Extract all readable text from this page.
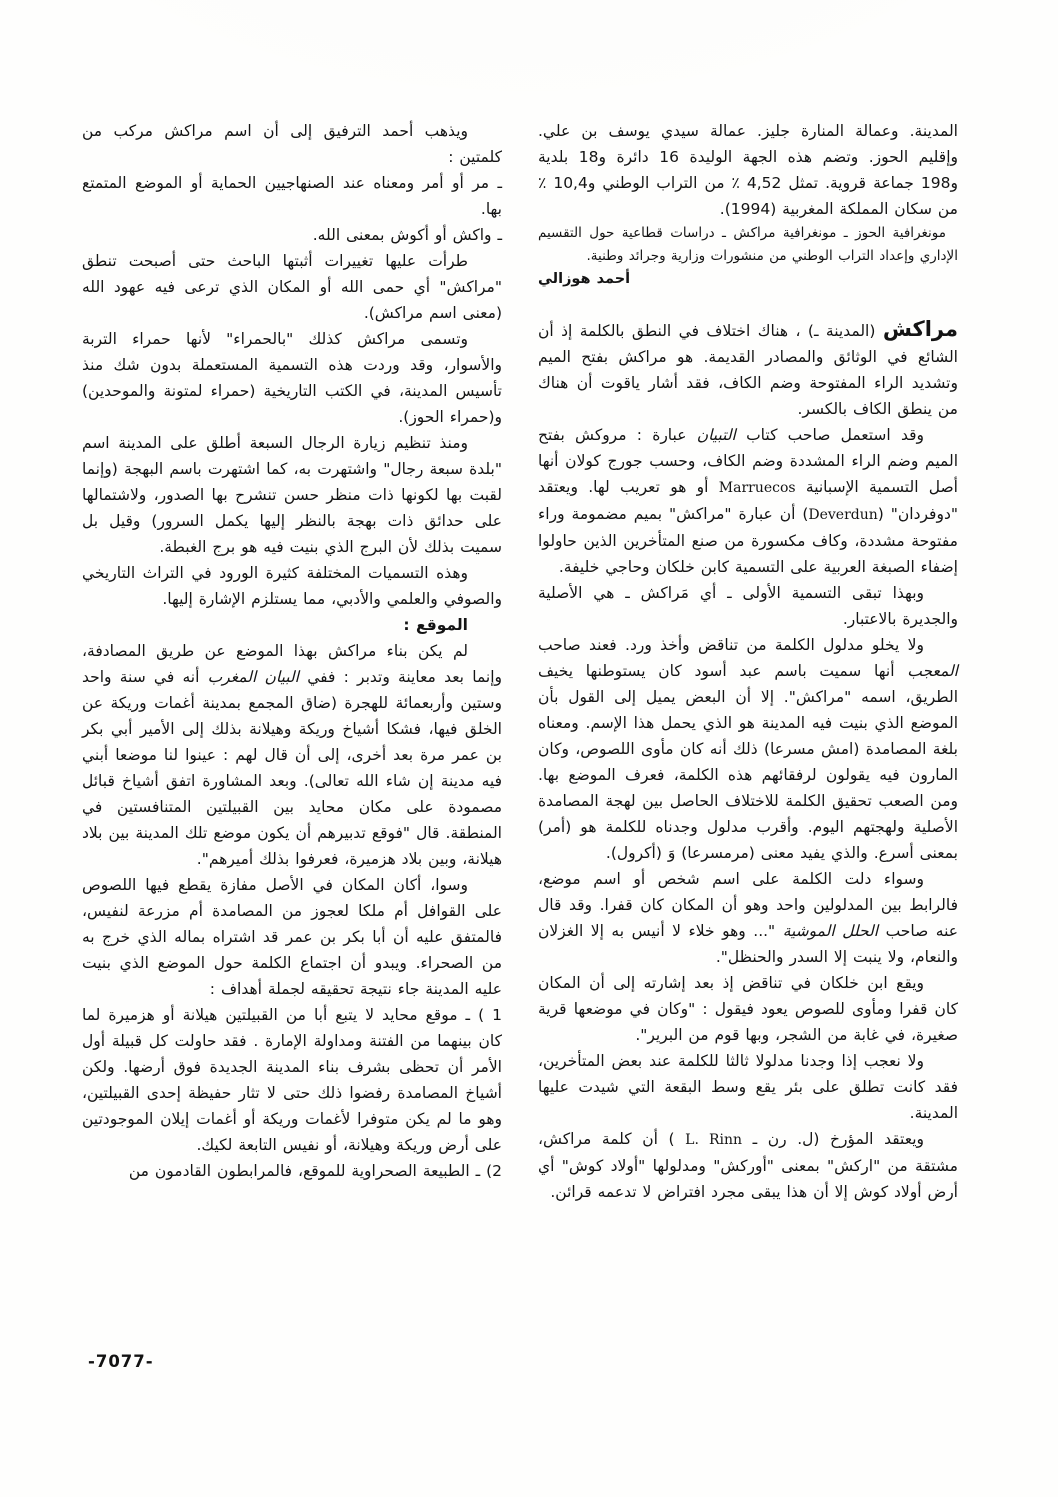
المدينة. وعمالة المنارة جليز. عمالة سيدي يوسف بن علي. وإقليم الحوز. وتضم هذه الجهة الوليدة 16 دائرة و18 بلدية و198 جماعة قروية. تمثل 4,52 ٪ من التراب الوطني و10,4 ٪ من سكان المملكة المغربية (1994).

مونغرافية الحوز ـ مونغرافية مراكش ـ دراسات قطاعية حول التقسيم الإداري وإعداد التراب الوطني من منشورات وزارية وجرائد وطنية.

أحمد هوزالي

مراكش (المدينة ـ) ، هناك اختلاف في النطق بالكلمة إذ أن الشائع في الوثائق والمصادر القديمة. هو مراكش بفتح الميم وتشديد الراء المفتوحة وضم الكاف، فقد أشار ياقوت أن هناك من ينطق الكاف بالكسر.

وقد استعمل صاحب كتاب التبيان عبارة : مروكش بفتح الميم وضم الراء المشددة وضم الكاف، وحسب جورج كولان أنها أصل التسمية الإسبانية Marruecos أو هو تعريب لها. ويعتقد "دوفردان" (Deverdun) أن عبارة "مراكش" بميم مضمومة وراء مفتوحة مشددة، وكاف مكسورة من صنع المتأخرين الذين حاولوا إضفاء الصبغة العربية على التسمية كابن خلكان وحاجي خليفة.

وبهذا تبقى التسمية الأولى ـ أي مَراكش ـ هي الأصلية والجديرة بالاعتبار.

ولا يخلو مدلول الكلمة من تناقض وأخذ ورد. فعند صاحب المعجب أنها سميت باسم عبد أسود كان يستوطنها يخيف الطريق، اسمه "مراكش". إلا أن البعض يميل إلى القول بأن الموضع الذي بنيت فيه المدينة هو الذي يحمل هذا الإسم. ومعناه بلغة المصامدة (امش مسرعا) ذلك أنه كان مأوى اللصوص، وكان المارون فيه يقولون لرفقائهم هذه الكلمة، فعرف الموضع بها. ومن الصعب تحقيق الكلمة للاختلاف الحاصل بين لهجة المصامدة الأصلية ولهجتهم اليوم. وأقرب مدلول وجدناه للكلمة هو (أمر) بمعنى أسرع. والذي يفيد معنى (مرمسرعا) وَ (أكرول).

وسواء دلت الكلمة على اسم شخص أو اسم موضع، فالرابط بين المدلولين واحد وهو أن المكان كان قفرا. وقد قال عنه صاحب الحلل الموشية "... وهو خلاء لا أنيس به إلا الغزلان والنعام، ولا ينبت إلا السدر والحنظل".

ويقع ابن خلكان في تناقض إذ بعد إشارته إلى أن المكان كان قفرا ومأوى للصوص يعود فيقول : "وكان في موضعها قرية صغيرة، في غابة من الشجر، وبها قوم من البرير".

ولا نعجب إذا وجدنا مدلولا ثالثا للكلمة عند بعض المتأخرين، فقد كانت تطلق على بئر يقع وسط البقعة التي شيدت عليها المدينة.

ويعتقد المؤرخ (ل. رن ـ L. Rinn ) أن كلمة مراكش، مشتقة من "اركش" بمعنى "أوركش" ومدلولها "أولاد كوش" أي أرض أولاد كوش إلا أن هذا يبقى مجرد افتراض لا تدعمه قرائن.

ويذهب أحمد الترفيق إلى أن اسم مراكش مركب من كلمتين :

ـ مر أو أمر ومعناه عند الصنهاجيين الحماية أو الموضع المتمتع بها.

ـ واكش أو أكوش بمعنى الله.

طرأت عليها تغييرات أثبتها الباحث حتى أصبحت تنطق "مراكش" أي حمى الله أو المكان الذي ترعى فيه عهود الله (معنى اسم مراكش).

وتسمى مراكش كذلك "بالحمراء" لأنها حمراء التربة والأسوار، وقد وردت هذه التسمية المستعملة بدون شك منذ تأسيس المدينة، في الكتب التاريخية (حمراء لمتونة والموحدين) و(حمراء الحوز).

ومنذ تنظيم زيارة الرجال السبعة أطلق على المدينة اسم "بلدة سبعة رجال" واشتهرت به، كما اشتهرت باسم البهجة (وإنما لقبت بها لكونها ذات منظر حسن تنشرح بها الصدور، ولاشتمالها على حدائق ذات بهجة بالنظر إليها يكمل السرور) وقيل بل سميت بذلك لأن البرج الذي بنيت فيه هو برج الغبطة.

وهذه التسميات المختلفة كثيرة الورود في التراث التاريخي والصوفي والعلمي والأدبي، مما يستلزم الإشارة إليها.

الموقع :

لم يكن بناء مراكش بهذا الموضع عن طريق المصادفة، وإنما بعد معاينة وتدبر : ففي البيان المغرب أنه في سنة واحد وستين وأربعمائة للهجرة (ضاق المجمع بمدينة أغمات وريكة عن الخلق فيها، فشكا أشياخ وريكة وهيلانة بذلك إلى الأمير أبي بكر بن عمر مرة بعد أخرى، إلى أن قال لهم : عينوا لنا موضعا أبني فيه مدينة إن شاء الله تعالى). وبعد المشاورة اتفق أشياخ قبائل مصمودة على مكان محايد بين القبيلتين المتنافستين في المنطقة. قال "فوقع تدبيرهم أن يكون موضع تلك المدينة بين بلاد هيلانة، وبين بلاد هزميرة، فعرفوا بذلك أميرهم".

وسوا، أكان المكان في الأصل مفازة يقطع فيها اللصوص على القوافل أم ملكا لعجوز من المصامدة أم مزرعة لنفيس، فالمتفق عليه أن أبا بكر بن عمر قد اشتراه بماله الذي خرج به من الصحراء. ويبدو أن اجتماع الكلمة حول الموضع الذي بنيت عليه المدينة جاء نتيجة تحقيقه لجملة أهداف :

1 ) ـ موقع محايد لا يتبع أبا من القبيلتين هيلانة أو هزميرة لما كان بينهما من الفتنة ومداولة الإمارة . فقد حاولت كل قبيلة أول الأمر أن تحظى بشرف بناء المدينة الجديدة فوق أرضها. ولكن أشياخ المصامدة رفضوا ذلك حتى لا تثار حفيظة إحدى القبيلتين، وهو ما لم يكن متوفرا لأغمات وريكة أو أغمات إيلان الموجودتين على أرض وريكة وهيلانة، أو نفيس التابعة لكيك.

2) ـ الطبيعة الصحراوية للموقع، فالمرابطون القادمون من

-7077-
